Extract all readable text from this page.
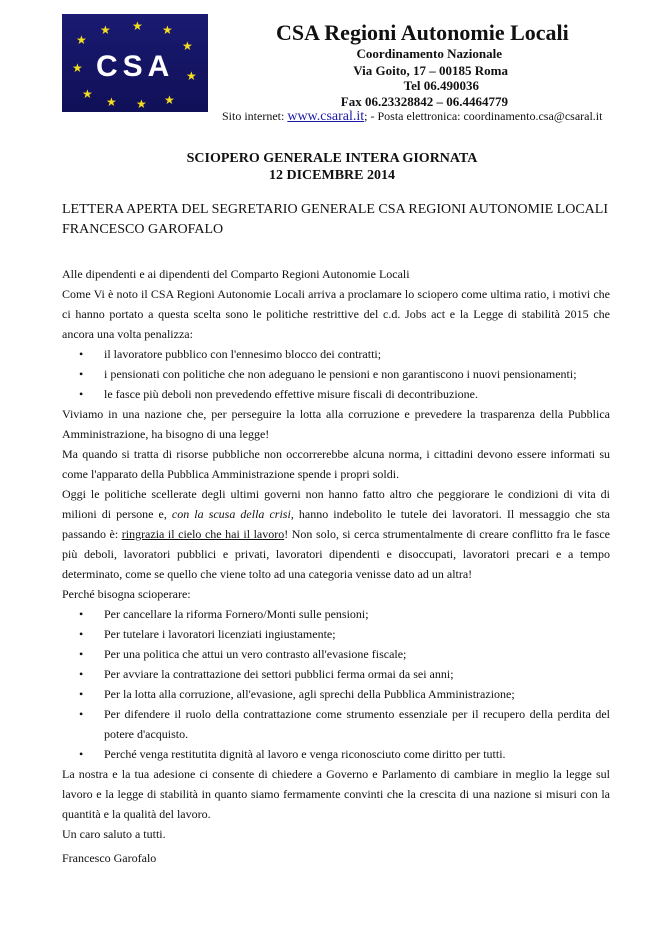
★
★ ★ ★
★
★
★
★
★ ★ ★
CSA
CSA Regioni Autonomie Locali
Coordinamento Nazionale
Via Goito, 17 – 00185 Roma
Tel 06.490036
Fax 06.23328842 – 06.4464779
Sito internet: www.csaral.it; - Posta elettronica: coordinamento.csa@csaral.it
SCIOPERO GENERALE INTERA GIORNATA
12 DICEMBRE 2014
LETTERA APERTA DEL SEGRETARIO GENERALE CSA REGIONI AUTONOMIE LOCALI FRANCESCO GAROFALO

Alle dipendenti e ai dipendenti del Comparto Regioni Autonomie Locali

Come Vi è noto il CSA Regioni Autonomie Locali arriva a proclamare lo sciopero come ultima ratio, i motivi che ci hanno portato a questa scelta sono le politiche restrittive del c.d. Jobs act e la Legge di stabilità 2015 che ancora una volta penalizza:

• il lavoratore pubblico con l'ennesimo blocco dei contratti;
• i pensionati con politiche che non adeguano le pensioni e non garantiscono i nuovi pensionamenti;
• le fasce più deboli non prevedendo effettive misure fiscali di decontribuzione.

Viviamo in una nazione che, per perseguire la lotta alla corruzione e prevedere la trasparenza della Pubblica Amministrazione, ha bisogno di una legge!

Ma quando si tratta di risorse pubbliche non occorrerebbe alcuna norma, i cittadini devono essere informati su come l'apparato della Pubblica Amministrazione spende i propri soldi.

Oggi le politiche scellerate degli ultimi governi non hanno fatto altro che peggiorare le condizioni di vita di milioni di persone e, con la scusa della crisi, hanno indebolito le tutele dei lavoratori. Il messaggio che sta passando è: ringrazia il cielo che hai il lavoro! Non solo, si cerca strumentalmente di creare conflitto fra le fasce più deboli, lavoratori pubblici e privati, lavoratori dipendenti e disoccupati, lavoratori precari e a tempo determinato, come se quello che viene tolto ad una categoria venisse dato ad un altra!

Perché bisogna scioperare:

• Per cancellare la riforma Fornero/Monti sulle pensioni;
• Per tutelare i lavoratori licenziati ingiustamente;
• Per una politica che attui un vero contrasto all'evasione fiscale;
• Per avviare la contrattazione dei settori pubblici ferma ormai da sei anni;
• Per la lotta alla corruzione, all'evasione, agli sprechi della Pubblica Amministrazione;
• Per difendere il ruolo della contrattazione come strumento essenziale per il recupero della perdita del potere d'acquisto.
• Perché venga restitutita dignità al lavoro e venga riconosciuto come diritto per tutti.

La nostra e la tua adesione ci consente di chiedere a Governo e Parlamento di cambiare in meglio la legge sul lavoro e la legge di stabilità in quanto siamo fermamente convinti che la crescita di una nazione si misuri con la quantità e la qualità del lavoro.

Un caro saluto a tutti.

Francesco Garofalo
